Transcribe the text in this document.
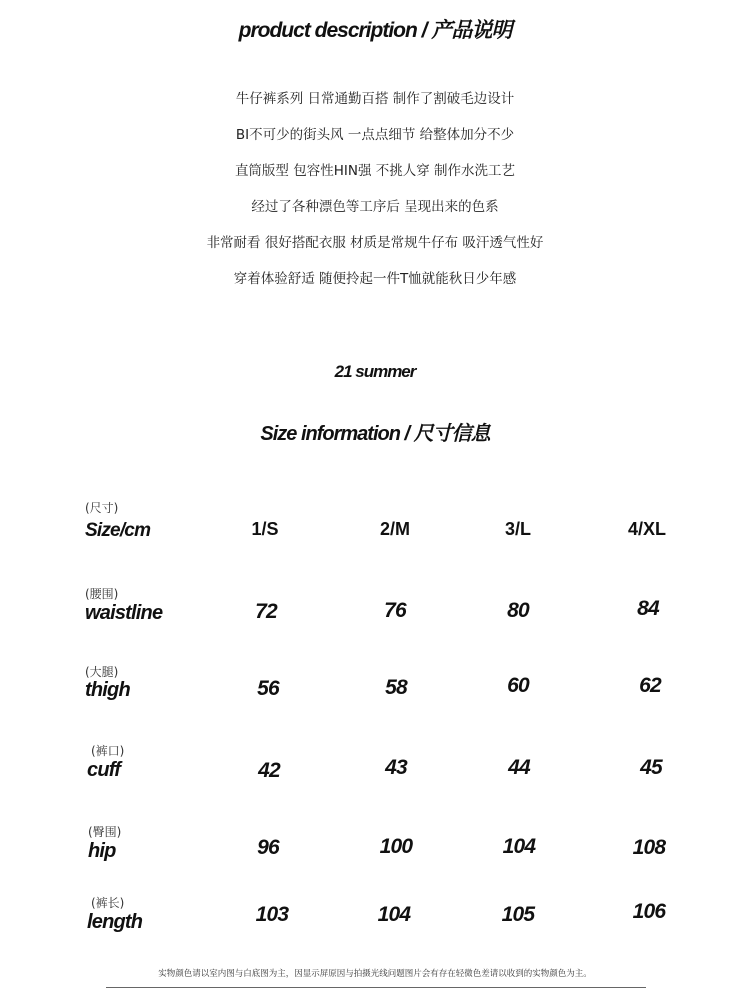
product description / 产品说明
牛仔裤系列 日常通勤百搭 制作了割破毛边设计
BI不可少的街头风 一点点细节 给整体加分不少
直筒版型 包容性HIN强 不挑人穿 制作水洗工艺
经过了各种漂色等工序后 呈现出来的色系
非常耐看 很好搭配衣服 材质是常规牛仔布 吸汗透气性好
穿着体验舒适 随便拎起一件T恤就能秋日少年感
21 summer
Size information / 尺寸信息
(尺寸)
Size/cm	1/S	2/M	3/L	4/XL
(腰围)
waistline	72	76	80	84
(大腿)
thigh	56	58	60	62
(裤口)
cuff	42	43	44	45
(臀围)
hip	96	100	104	108
(裤长)
length	103	104	105	106
实物颜色请以室内图与白底图为主，因显示屏原因与拍摄光线问题图片会有存在轻微色差请以收到的实物颜色为主。
